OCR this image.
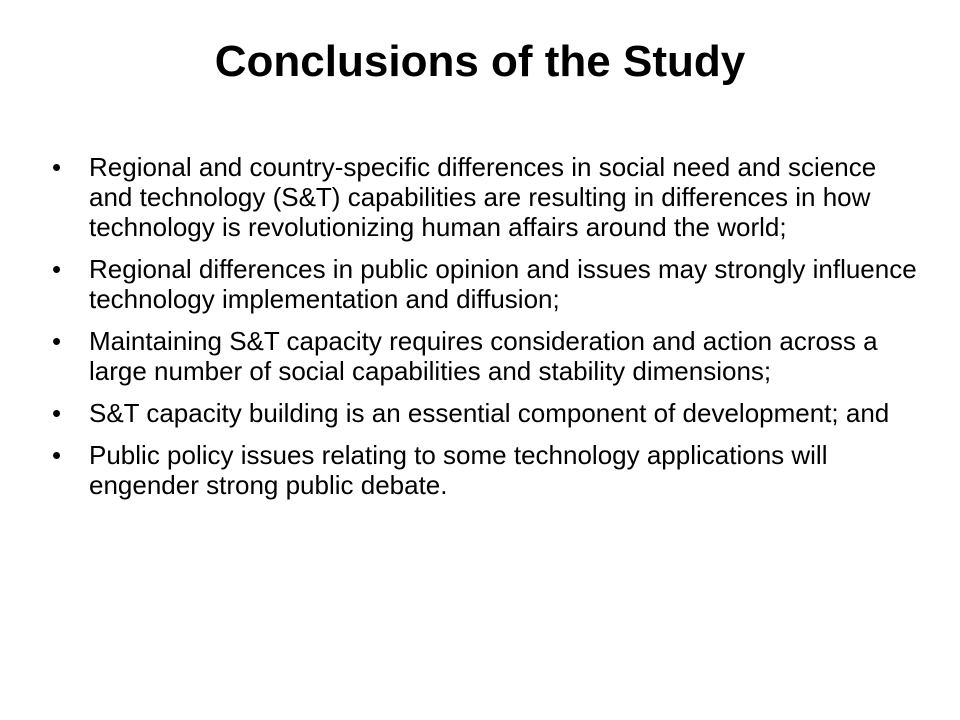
Conclusions of the Study
•	Regional and country-specific differences in social need and science and technology (S&T) capabilities are resulting in differences in how technology is revolutionizing human affairs around the world;
•	Regional differences in public opinion and issues may strongly influence technology implementation and diffusion;
•	Maintaining S&T capacity requires consideration and action across a large number of social capabilities and stability dimensions;
•	S&T capacity building is an essential component of development; and
•	Public policy issues relating to some technology applications will engender strong public debate.
